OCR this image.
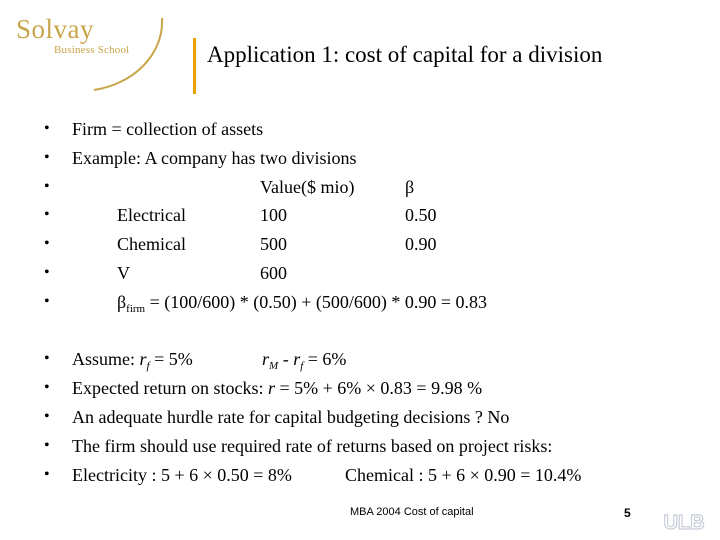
Solvay
Business School	Application 1: cost of capital for a division
• Firm = collection of assets
• Example: A company has two divisions
•	Value($ mio)	β
•	Electrical	100	0.50
•	Chemical	500	0.90
•	V	600
•	$\beta_{firm} = (100/600) * (0.50) + (500/600) * 0.90 = 0.83$
• Assume: $r_f = 5\%$	$r_M - r_f = 6\%$
• Expected return on stocks: r = 5% + 6% × 0.83 = 9.98 %
• An adequate hurdle rate for capital budgeting decisions ? No
• The firm should use required rate of returns based on project risks:
• Electricity : 5 + 6 × 0.50 = 8%	Chemical : 5 + 6 × 0.90 = 10.4%
MBA 2004 Cost of capital	5 ULB
